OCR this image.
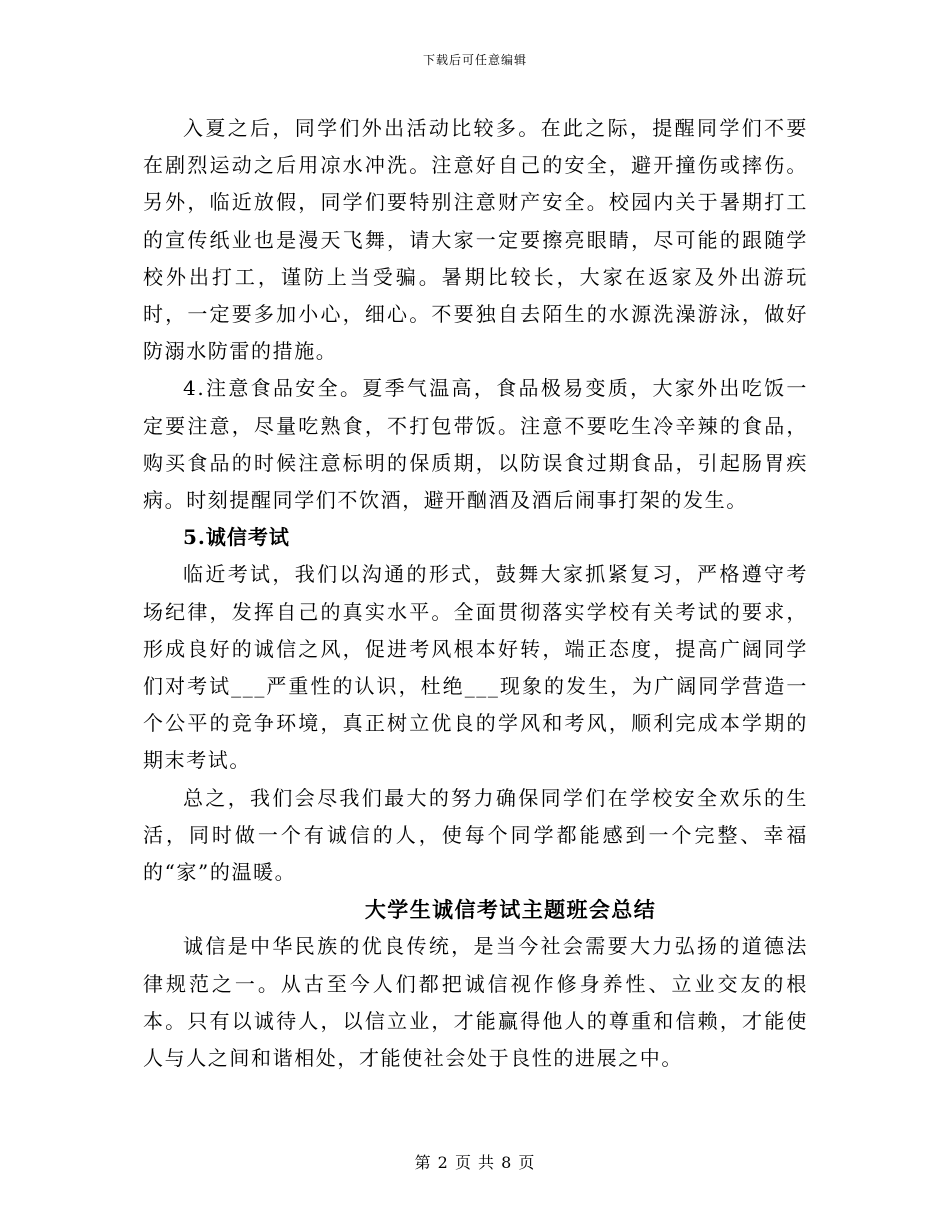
下载后可任意编辑

入夏之后，同学们外出活动比较多。在此之际，提醒同学们不要在剧烈运动之后用凉水冲洗。注意好自己的安全，避开撞伤或摔伤。另外，临近放假，同学们要特别注意财产安全。校园内关于暑期打工的宣传纸业也是漫天飞舞，请大家一定要擦亮眼睛，尽可能的跟随学校外出打工，谨防上当受骗。暑期比较长，大家在返家及外出游玩时，一定要多加小心，细心。不要独自去陌生的水源洗澡游泳，做好防溺水防雷的措施。

4.注意食品安全。夏季气温高，食品极易变质，大家外出吃饭一定要注意，尽量吃熟食，不打包带饭。注意不要吃生冷辛辣的食品，购买食品的时候注意标明的保质期，以防误食过期食品，引起肠胃疾病。时刻提醒同学们不饮酒，避开酗酒及酒后闹事打架的发生。

5.诚信考试

临近考试，我们以沟通的形式，鼓舞大家抓紧复习，严格遵守考场纪律，发挥自己的真实水平。全面贯彻落实学校有关考试的要求，形成良好的诚信之风，促进考风根本好转，端正态度，提高广阔同学们对考试___严重性的认识，杜绝___现象的发生，为广阔同学营造一个公平的竞争环境，真正树立优良的学风和考风，顺利完成本学期的期末考试。

总之，我们会尽我们最大的努力确保同学们在学校安全欢乐的生活，同时做一个有诚信的人，使每个同学都能感到一个完整、幸福的“家”的温暖。

大学生诚信考试主题班会总结

诚信是中华民族的优良传统，是当今社会需要大力弘扬的道德法律规范之一。从古至今人们都把诚信视作修身养性、立业交友的根本。只有以诚待人，以信立业，才能赢得他人的尊重和信赖，才能使人与人之间和谐相处，才能使社会处于良性的进展之中。

第 2 页 共 8 页
